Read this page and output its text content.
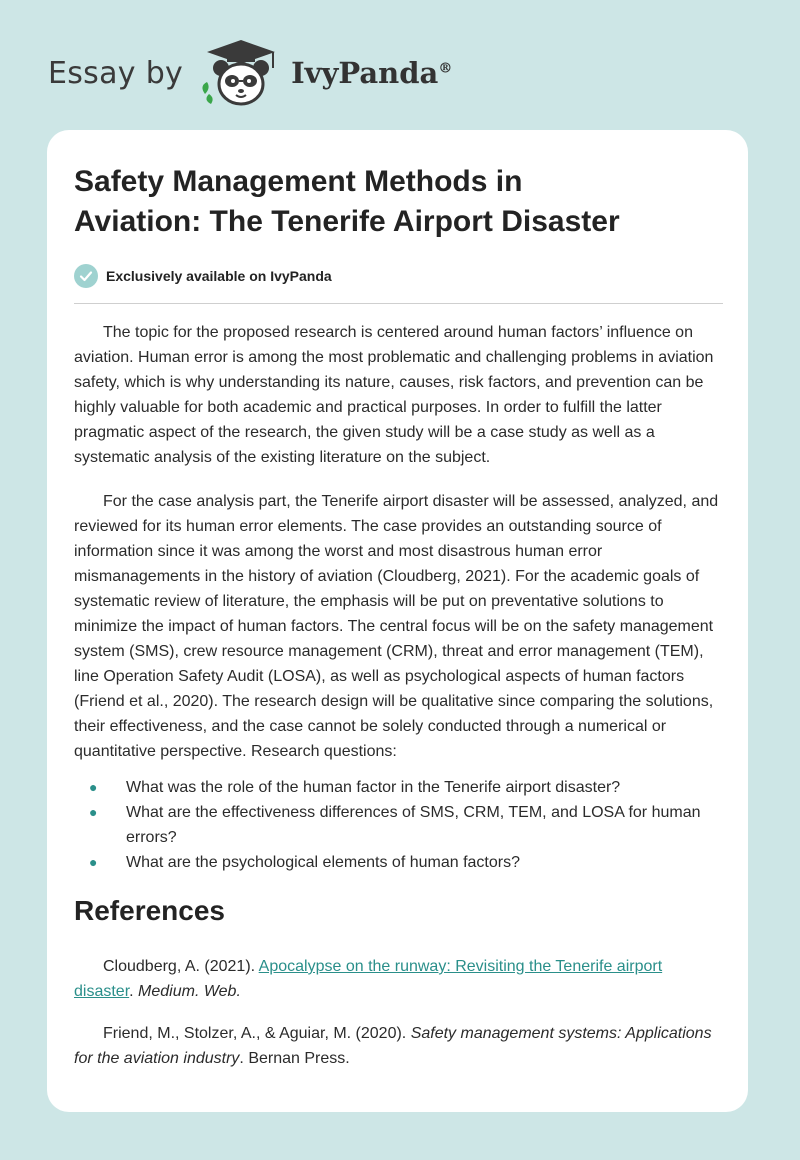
Essay by	IvyPanda®
Safety Management Methods in
Aviation: The Tenerife Airport Disaster
Exclusively available on IvyPanda

The topic for the proposed research is centered around human factors’ influence on aviation. Human error is among the most problematic and challenging problems in aviation safety, which is why understanding its nature, causes, risk factors, and prevention can be highly valuable for both academic and practical purposes. In order to fulfill the latter pragmatic aspect of the research, the given study will be a case study as well as a systematic analysis of the existing literature on the subject.

For the case analysis part, the Tenerife airport disaster will be assessed, analyzed, and reviewed for its human error elements. The case provides an outstanding source of information since it was among the worst and most disastrous human error mismanagements in the history of aviation (Cloudberg, 2021). For the academic goals of systematic review of literature, the emphasis will be put on preventative solutions to minimize the impact of human factors. The central focus will be on the safety management system (SMS), crew resource management (CRM), threat and error management (TEM), line Operation Safety Audit (LOSA), as well as psychological aspects of human factors (Friend et al., 2020). The research design will be qualitative since comparing the solutions, their effectiveness, and the case cannot be solely conducted through a numerical or quantitative perspective. Research questions:

● What was the role of the human factor in the Tenerife airport disaster?
● What are the effectiveness differences of SMS, CRM, TEM, and LOSA for human errors?
● What are the psychological elements of human factors?
References

Cloudberg, A. (2021). Apocalypse on the runway: Revisiting the Tenerife airport disaster. Medium. Web.

Friend, M., Stolzer, A., & Aguiar, M. (2020). Safety management systems: Applications for the aviation industry. Bernan Press.
